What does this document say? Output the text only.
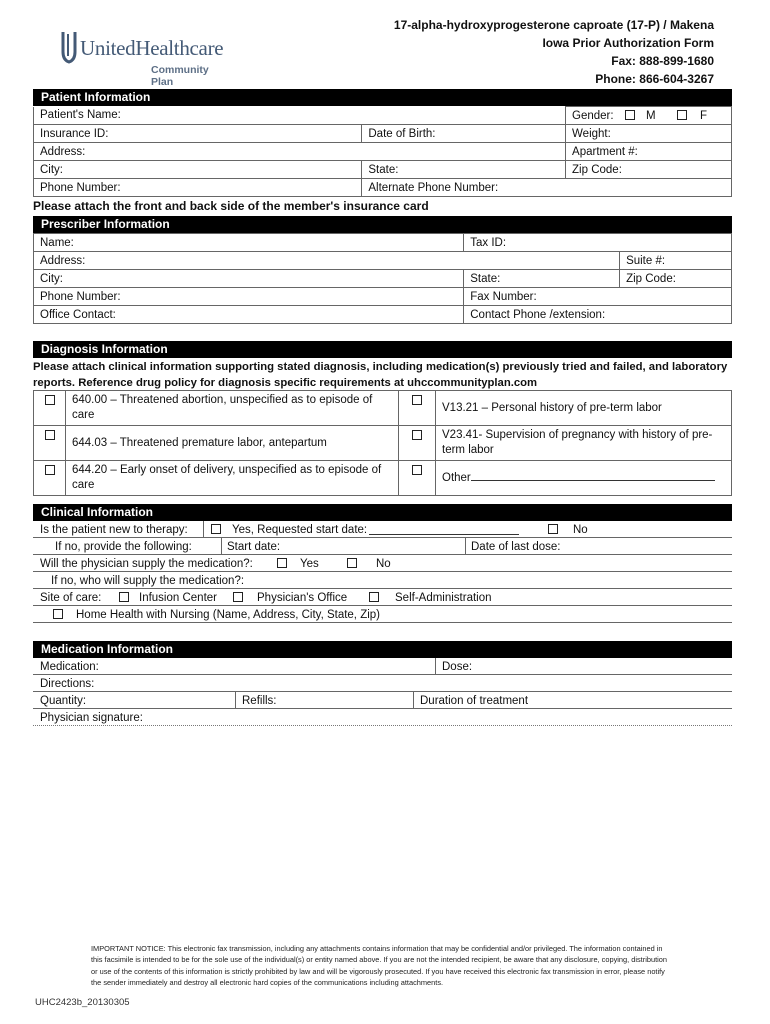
UnitedHealthcare
Community Plan
17-alpha-hydroxyprogesterone caproate (17-P) / Makena
Iowa Prior Authorization Form
Fax: 888-899-1680
Phone: 866-604-3267
Patient Information
Patient's Name:		Gender: M F
Insurance ID:	Date of Birth:	Weight:
Address:		Apartment #:
City:	State:	Zip Code:
Phone Number:	Alternate Phone Number:	
Please attach the front and back side of the member's insurance card
Prescriber Information
Name:	Tax ID:	
Address:		Suite #:
City:	State:	Zip Code:
Phone Number:	Fax Number:	
Office Contact:	Contact Phone /extension:	
Diagnosis Information
Please attach clinical information supporting stated diagnosis, including medication(s) previously tried and failed, and laboratory reports. Reference drug policy for diagnosis specific requirements at uhccommunityplan.com
	640.00 – Threatened abortion, unspecified as to episode of care		V13.21 – Personal history of pre-term labor
	644.03 – Threatened premature labor, antepartum		V23.41- Supervision of pregnancy with history of pre-term labor
	644.20 – Early onset of delivery, unspecified as to episode of care		Other
Clinical Information
Is the patient new to therapy:	Yes, Requested start date:	No
If no, provide the following:	Start date:	Date of last dose:
Will the physician supply the medication?:	Yes	No
If no, who will supply the medication?:
Site of care:	Infusion Center	Physician's Office	Self-Administration
Home Health with Nursing (Name, Address, City, State, Zip)
Medication Information
Medication:	Dose:
Directions:
Quantity:	Refills:	Duration of treatment
Physician signature:
IMPORTANT NOTICE: This electronic fax transmission, including any attachments contains information that may be confidential and/or privileged. The information contained in this facsimile is intended to be for the sole use of the individual(s) or entity named above. If you are not the intended recipient, be aware that any disclosure, copying, distribution or use of the contents of this information is strictly prohibited by law and will be vigorously prosecuted. If you have received this electronic fax transmission in error, please notify the sender immediately and destroy all electronic hard copies of the communications including attachments.
UHC2423b_20130305
